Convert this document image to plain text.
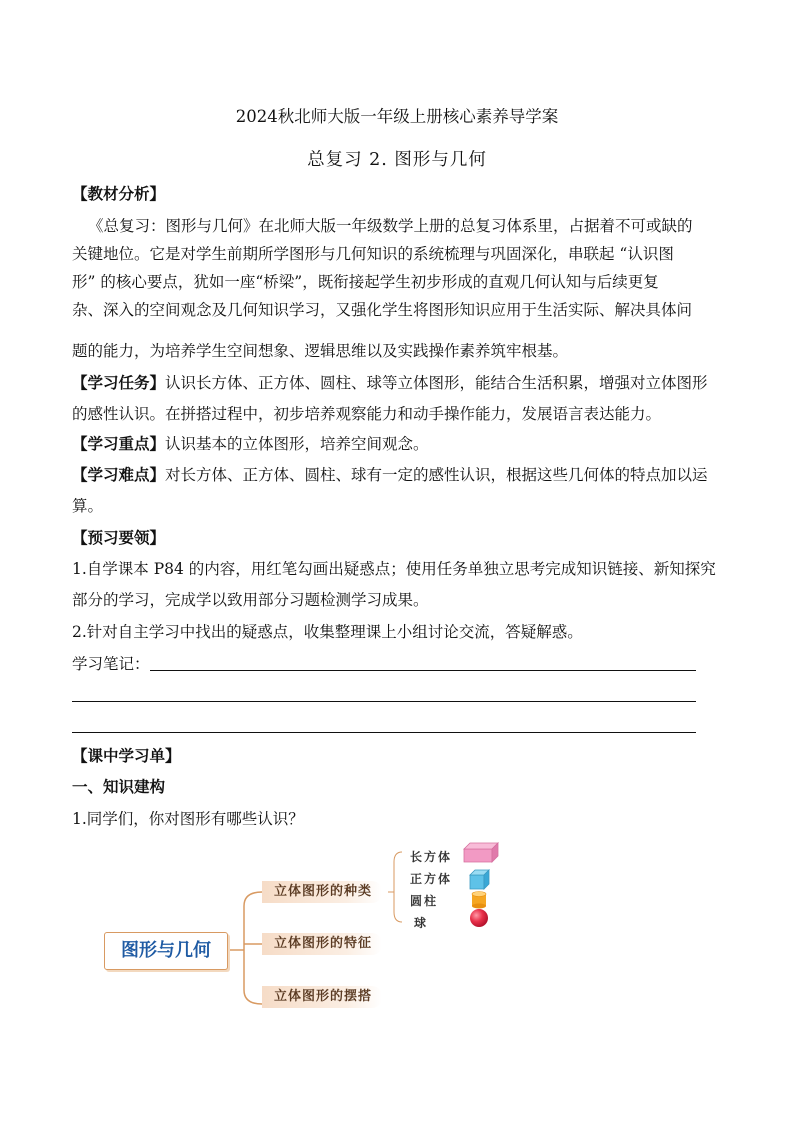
2024秋北师大版一年级上册核心素养导学案
总复习 2. 图形与几何
【教材分析】
《总复习：图形与几何》在北师大版一年级数学上册的总复习体系里，占据着不可或缺的
关键地位。它是对学生前期所学图形与几何知识的系统梳理与巩固深化，串联起 “认识图
形” 的核心要点，犹如一座“桥梁”，既衔接起学生初步形成的直观几何认知与后续更复
杂、深入的空间观念及几何知识学习，又强化学生将图形知识应用于生活实际、解决具体问
题的能力，为培养学生空间想象、逻辑思维以及实践操作素养筑牢根基。
【学习任务】认识长方体、正方体、圆柱、球等立体图形，能结合生活积累，增强对立体图形
的感性认识。在拼搭过程中，初步培养观察能力和动手操作能力，发展语言表达能力。
【学习重点】认识基本的立体图形，培养空间观念。
【学习难点】对长方体、正方体、圆柱、球有一定的感性认识，根据这些几何体的特点加以运
算。
【预习要领】
1.自学课本 P84 的内容，用红笔勾画出疑惑点；使用任务单独立思考完成知识链接、新知探究
部分的学习，完成学以致用部分习题检测学习成果。
2.针对自主学习中找出的疑惑点，收集整理课上小组讨论交流，答疑解惑。
学习笔记：
【课中学习单】
一、知识建构
1.同学们，你对图形有哪些认识？
图形与几何
立体图形的种类
立体图形的特征
立体图形的摆搭
长方体
正方体
圆柱
球
